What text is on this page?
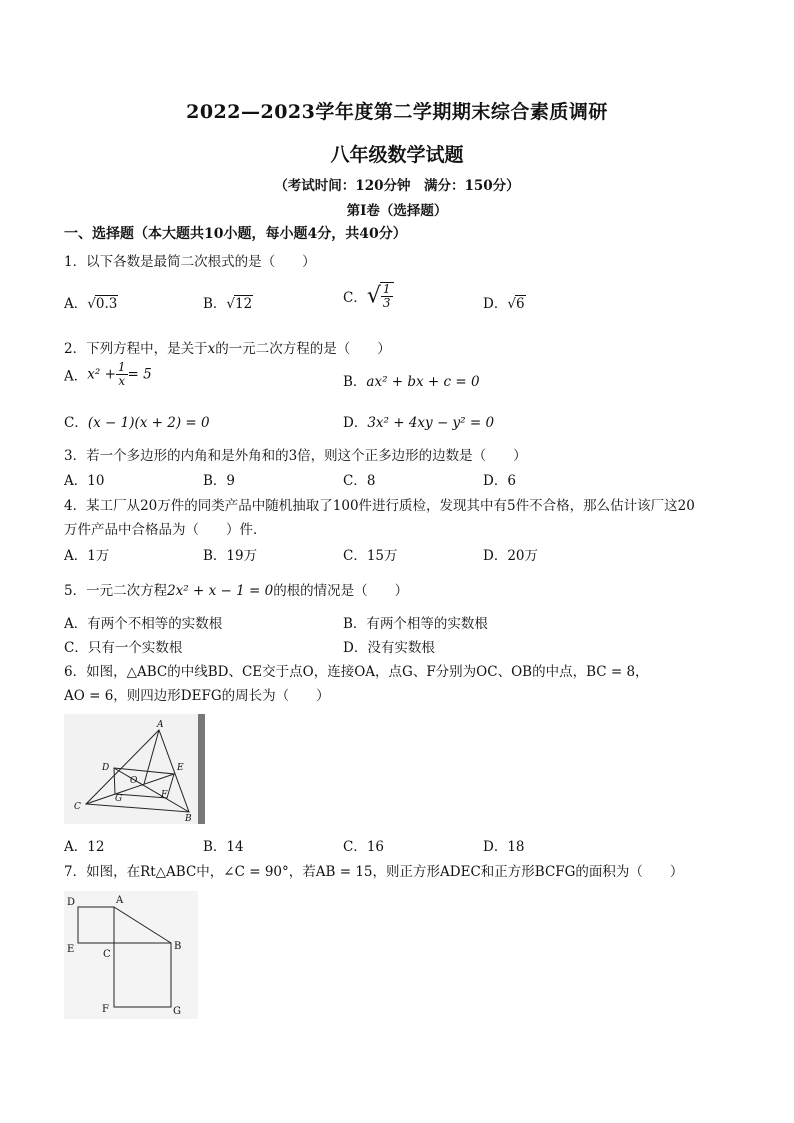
2022—2023学年度第二学期期末综合素质调研
八年级数学试题
（考试时间：120分钟　满分：150分）
第Ⅰ卷（选择题）
一、选择题（本大题共10小题，每小题4分，共40分）
1．以下各数是最简二次根式的是（　　）
A．√0.3	B．√12	C．√ $\frac{1}{3}$	D．√6
2．下列方程中，是关于x的一元二次方程的是（　　）
A．$x^2 + \frac{1}{x} = 5$	B．ax² + bx + c = 0
C．(x − 1)(x + 2) = 0	D．3x² + 4xy − y² = 0
3．若一个多边形的内角和是外角和的3倍，则这个正多边形的边数是（　　）
A．10	B．9	C．8	D．6
4．某工厂从20万件的同类产品中随机抽取了100件进行质检，发现其中有5件不合格，那么估计该厂这20
万件产品中合格品为（　　）件．
A．1万	B．19万	C．15万	D．20万
5．一元二次方程2x² + x − 1 = 0的根的情况是（　　）
A．有两个不相等的实数根	B．有两个相等的实数根
C．只有一个实数根	D．没有实数根
6．如图，△ABC的中线BD、CE交于点O，连接OA，点G、F分别为OC、OB的中点，BC = 8，
AO = 6，则四边形DEFG的周长为（　　）
A
D	E
O
G	F
C
B
A．12	B．14	C．16	D．18
7．如图，在Rt△ABC中，∠C = 90°，若AB = 15，则正方形ADEC和正方形BCFG的面积为（　　）
D	A
E	C
B
F	G
